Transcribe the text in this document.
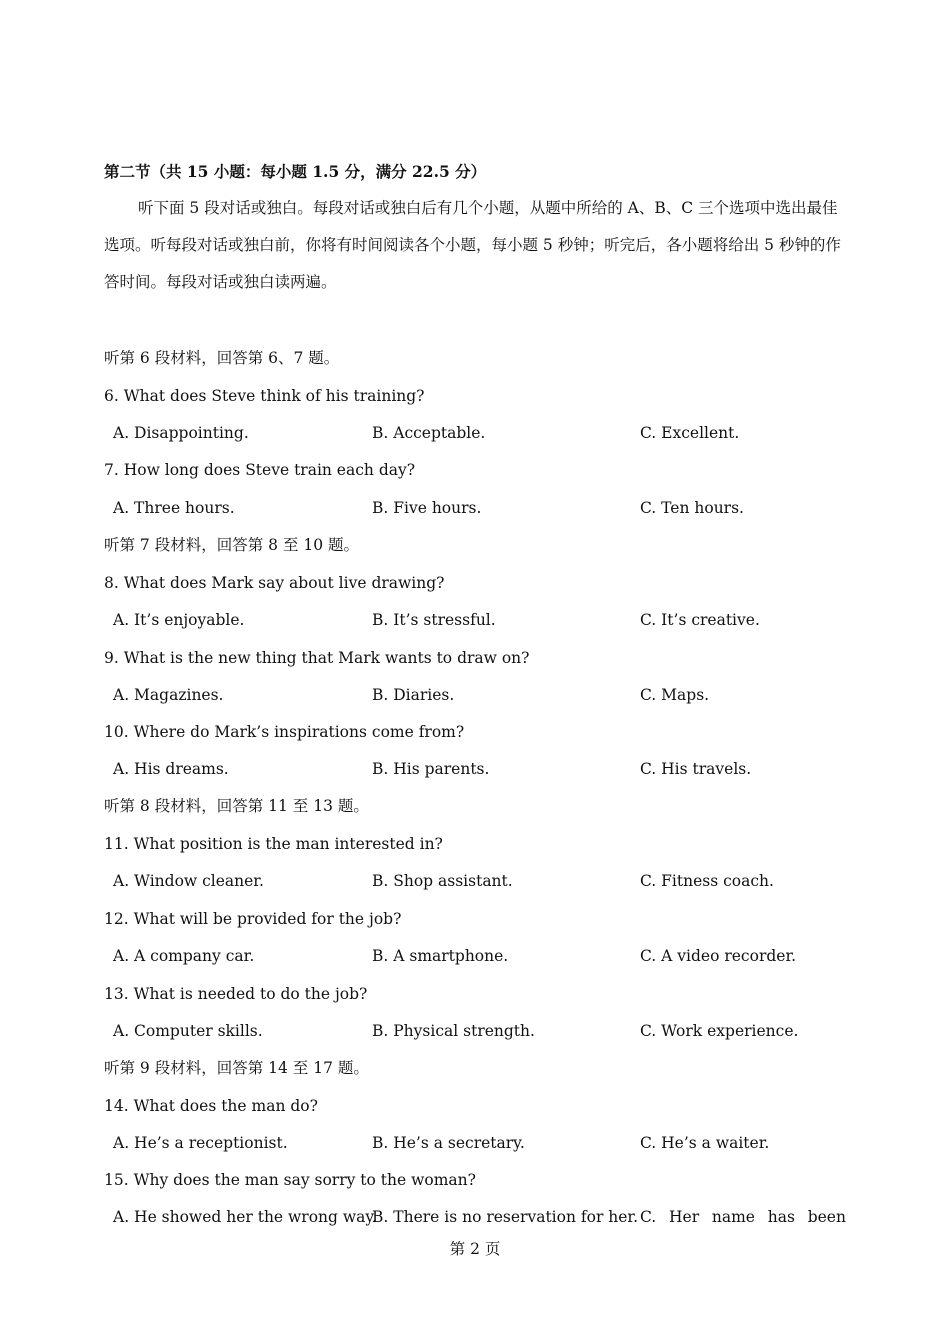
第二节（共 15 小题：每小题 1.5 分，满分 22.5 分）
听下面 5 段对话或独白。每段对话或独白后有几个小题，从题中所给的 A、B、C 三个选项中选出最佳选项。听每段对话或独白前，你将有时间阅读各个小题，每小题 5 秒钟；听完后，各小题将给出 5 秒钟的作答时间。每段对话或独白读两遍。
听第 6 段材料，回答第 6、7 题。
6. What does Steve think of his training?
A. Disappointing.	B. Acceptable.	C. Excellent.
7. How long does Steve train each day?
A. Three hours.	B. Five hours.	C. Ten hours.
听第 7 段材料，回答第 8 至 10 题。
8. What does Mark say about live drawing?
A. It’s enjoyable.	B. It’s stressful.	C. It’s creative.
9. What is the new thing that Mark wants to draw on?
A. Magazines.	B. Diaries.	C. Maps.
10. Where do Mark’s inspirations come from?
A. His dreams.	B. His parents.	C. His travels.
听第 8 段材料，回答第 11 至 13 题。
11. What position is the man interested in?
A. Window cleaner.	B. Shop assistant.	C. Fitness coach.
12. What will be provided for the job?
A. A company car.	B. A smartphone.	C. A video recorder.
13. What is needed to do the job?
A. Computer skills.	B. Physical strength.	C. Work experience.
听第 9 段材料，回答第 14 至 17 题。
14. What does the man do?
A. He’s a receptionist.	B. He’s a secretary.	C. He’s a waiter.
15. Why does the man say sorry to the woman?
A. He showed her the wrong way.
B. There is no reservation for her. C. Her name has been
第 2 页
